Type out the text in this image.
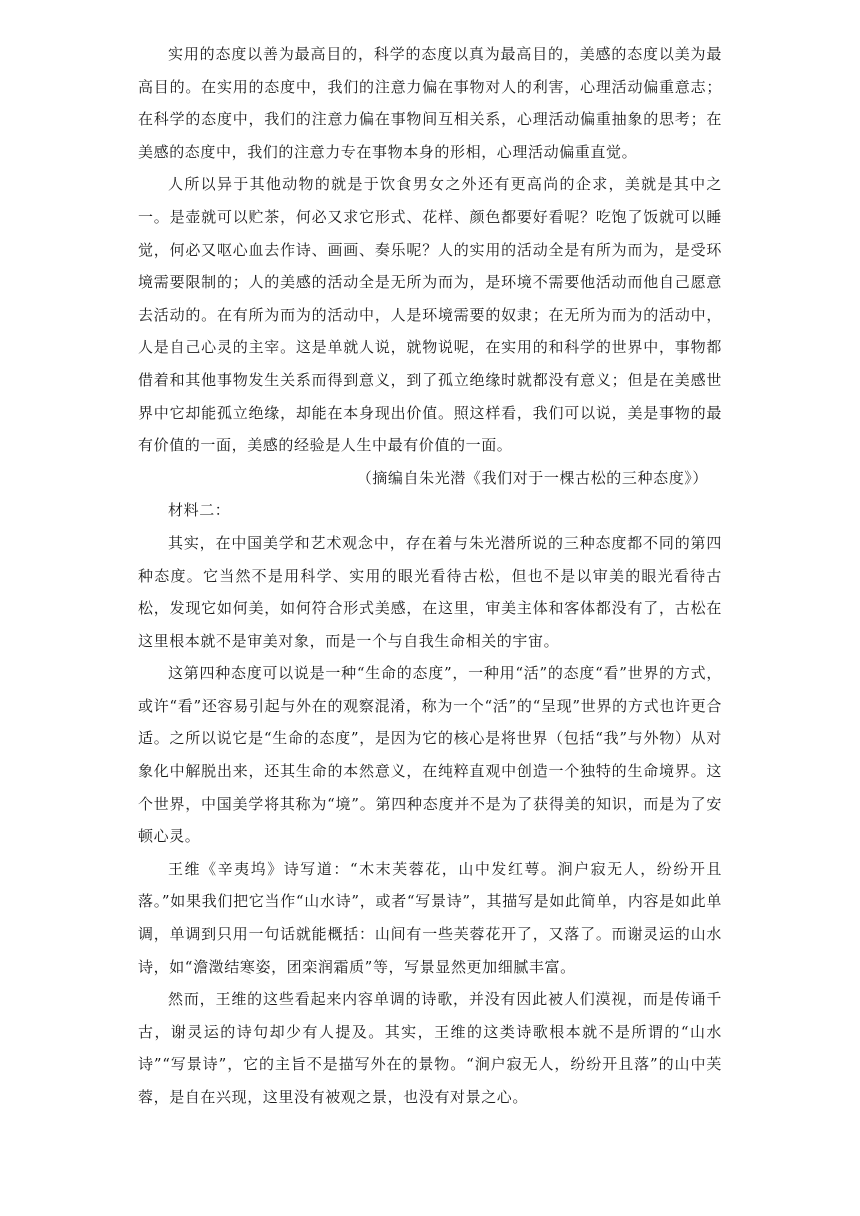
实用的态度以善为最高目的，科学的态度以真为最高目的，美感的态度以美为最高目的。在实用的态度中，我们的注意力偏在事物对人的利害，心理活动偏重意志；在科学的态度中，我们的注意力偏在事物间互相关系，心理活动偏重抽象的思考；在美感的态度中，我们的注意力专在事物本身的形相，心理活动偏重直觉。

人所以异于其他动物的就是于饮食男女之外还有更高尚的企求，美就是其中之一。是壶就可以贮茶，何必又求它形式、花样、颜色都要好看呢？吃饱了饭就可以睡觉，何必又呕心血去作诗、画画、奏乐呢？人的实用的活动全是有所为而为，是受环境需要限制的；人的美感的活动全是无所为而为，是环境不需要他活动而他自己愿意去活动的。在有所为而为的活动中，人是环境需要的奴隶；在无所为而为的活动中，人是自己心灵的主宰。这是单就人说，就物说呢，在实用的和科学的世界中，事物都借着和其他事物发生关系而得到意义，到了孤立绝缘时就都没有意义；但是在美感世界中它却能孤立绝缘，却能在本身现出价值。照这样看，我们可以说，美是事物的最有价值的一面，美感的经验是人生中最有价值的一面。

（摘编自朱光潜《我们对于一棵古松的三种态度》）

材料二：

其实，在中国美学和艺术观念中，存在着与朱光潜所说的三种态度都不同的第四种态度。它当然不是用科学、实用的眼光看待古松，但也不是以审美的眼光看待古松，发现它如何美，如何符合形式美感，在这里，审美主体和客体都没有了，古松在这里根本就不是审美对象，而是一个与自我生命相关的宇宙。

这第四种态度可以说是一种“生命的态度”，一种用“活”的态度“看”世界的方式，或许“看”还容易引起与外在的观察混淆，称为一个“活”的“呈现”世界的方式也许更合适。之所以说它是“生命的态度”，是因为它的核心是将世界（包括“我”与外物）从对象化中解脱出来，还其生命的本然意义，在纯粹直观中创造一个独特的生命境界。这个世界，中国美学将其称为“境”。第四种态度并不是为了获得美的知识，而是为了安顿心灵。

王维《辛夷坞》诗写道：“木末芙蓉花，山中发红萼。涧户寂无人，纷纷开且落。”如果我们把它当作“山水诗”，或者“写景诗”，其描写是如此简单，内容是如此单调，单调到只用一句话就能概括：山间有一些芙蓉花开了，又落了。而谢灵运的山水诗，如“澹澂结寒姿，团栾润霜质”等，写景显然更加细腻丰富。

然而，王维的这些看起来内容单调的诗歌，并没有因此被人们漠视，而是传诵千古，谢灵运的诗句却少有人提及。其实，王维的这类诗歌根本就不是所谓的“山水诗”“写景诗”，它的主旨不是描写外在的景物。“涧户寂无人，纷纷开且落”的山中芙蓉，是自在兴现，这里没有被观之景，也没有对景之心。
